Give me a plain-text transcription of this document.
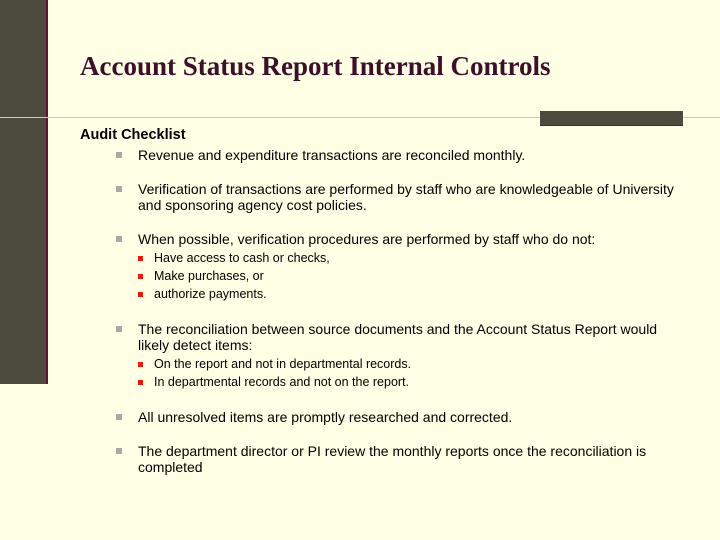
Account Status Report Internal Controls
Audit Checklist
Revenue and expenditure transactions are reconciled monthly.
Verification of transactions are performed by staff who are knowledgeable of University and sponsoring agency cost policies.
When possible, verification procedures are performed by staff who do not:
Have access to cash or checks,
Make purchases, or
authorize payments.
The reconciliation between source documents and the Account Status Report would likely detect items:
On the report and not in departmental records.
In departmental records and not on the report.
All unresolved items are promptly researched and corrected.
The department director or PI review the monthly reports once the reconciliation is completed
